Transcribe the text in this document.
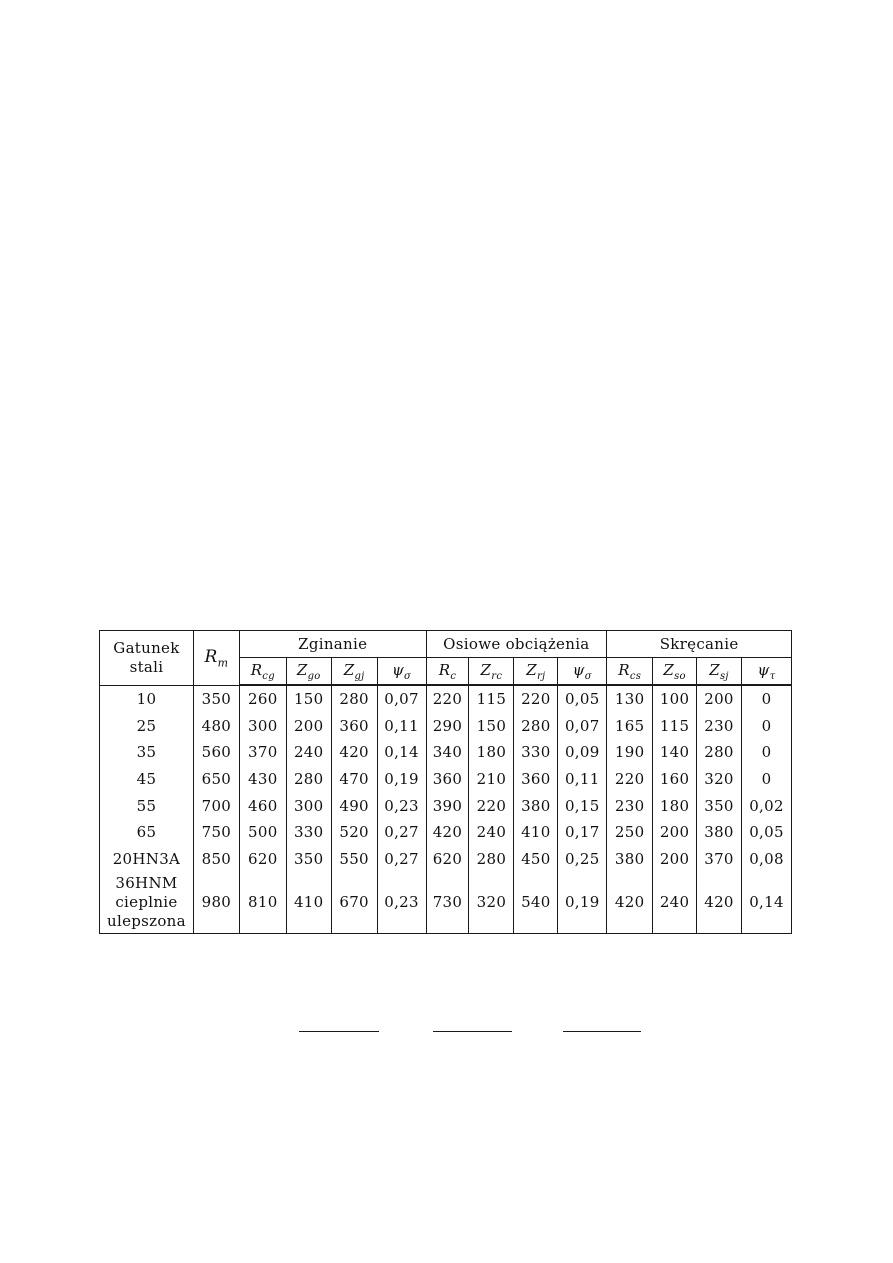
Gatunek
stali	$R_m$	Zginanie				Osiowe obciążenia				Skręcanie			
		$R_{cg}$	$Z_{go}$	$Z_{gj}$	$\psi_\sigma$	$R_c$	$Z_{rc}$	$Z_{rj}$	$\psi_\sigma$	$R_{cs}$	$Z_{so}$	$Z_{sj}$	$\psi_\tau$
10	350	260	150	280	0,07	220	115	220	0,05	130	100	200	0
25	480	300	200	360	0,11	290	150	280	0,07	165	115	230	0
35	560	370	240	420	0,14	340	180	330	0,09	190	140	280	0
45	650	430	280	470	0,19	360	210	360	0,11	220	160	320	0
55	700	460	300	490	0,23	390	220	380	0,15	230	180	350	0,02
65	750	500	330	520	0,27	420	240	410	0,17	250	200	380	0,05
20HN3A	850	620	350	550	0,27	620	280	450	0,25	380	200	370	0,08
36HNM
cieplnie
ulepszona	980	810	410	670	0,23	730	320	540	0,19	420	240	420	0,14
